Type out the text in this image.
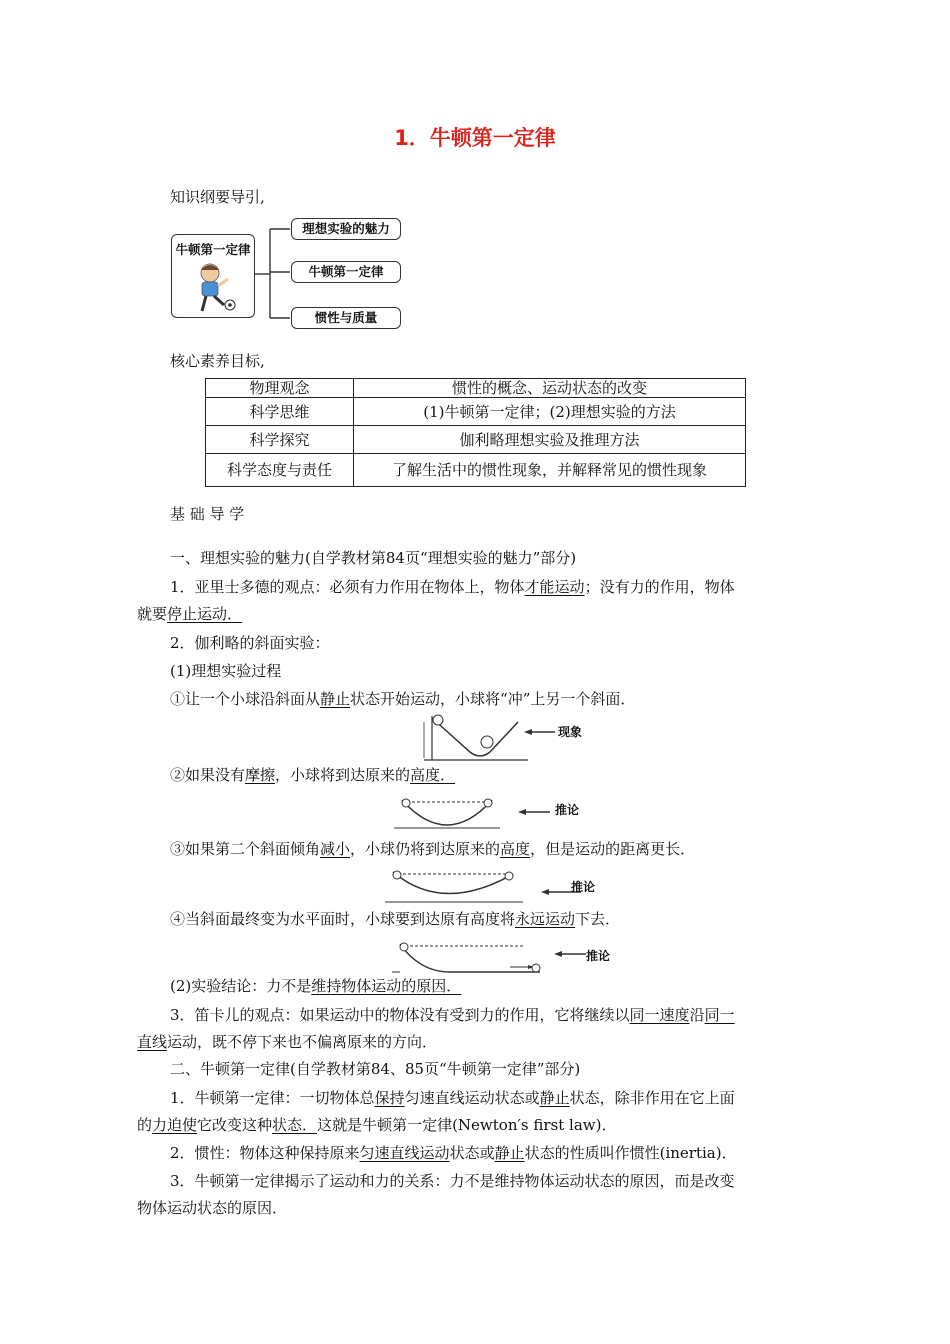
1．牛顿第一定律
知识纲要导引,
牛顿第一定律
理想实验的魅力
牛顿第一定律
惯性与质量
核心素养目标,
物理观念	惯性的概念、运动状态的改变
科学思维	(1)牛顿第一定律；(2)理想实验的方法
科学探究	伽利略理想实验及推理方法
科学态度与责任	了解生活中的惯性现象，并解释常见的惯性现象
基 础 导 学
一、理想实验的魅力(自学教材第84页“理想实验的魅力”部分)
1．亚里士多德的观点：必须有力作用在物体上，物体才能运动；没有力的作用，物体
就要停止运动．
2．伽利略的斜面实验：
(1)理想实验过程
①让一个小球沿斜面从静止状态开始运动，小球将“冲”上另一个斜面．
现象
②如果没有摩擦，小球将到达原来的高度．
推论
③如果第二个斜面倾角减小，小球仍将到达原来的高度，但是运动的距离更长．
推论
④当斜面最终变为水平面时，小球要到达原有高度将永远运动下去．
推论
(2)实验结论：力不是维持物体运动的原因．
3．笛卡儿的观点：如果运动中的物体没有受到力的作用，它将继续以同一速度沿同一
直线运动，既不停下来也不偏离原来的方向．
二、牛顿第一定律(自学教材第84、85页“牛顿第一定律”部分)
1．牛顿第一定律：一切物体总保持匀速直线运动状态或静止状态，除非作用在它上面
的力迫使它改变这种状态．这就是牛顿第一定律(Newton′s first law)．
2．惯性：物体这种保持原来匀速直线运动状态或静止状态的性质叫作惯性(inertia)．
3．牛顿第一定律揭示了运动和力的关系：力不是维持物体运动状态的原因，而是改变
物体运动状态的原因．
